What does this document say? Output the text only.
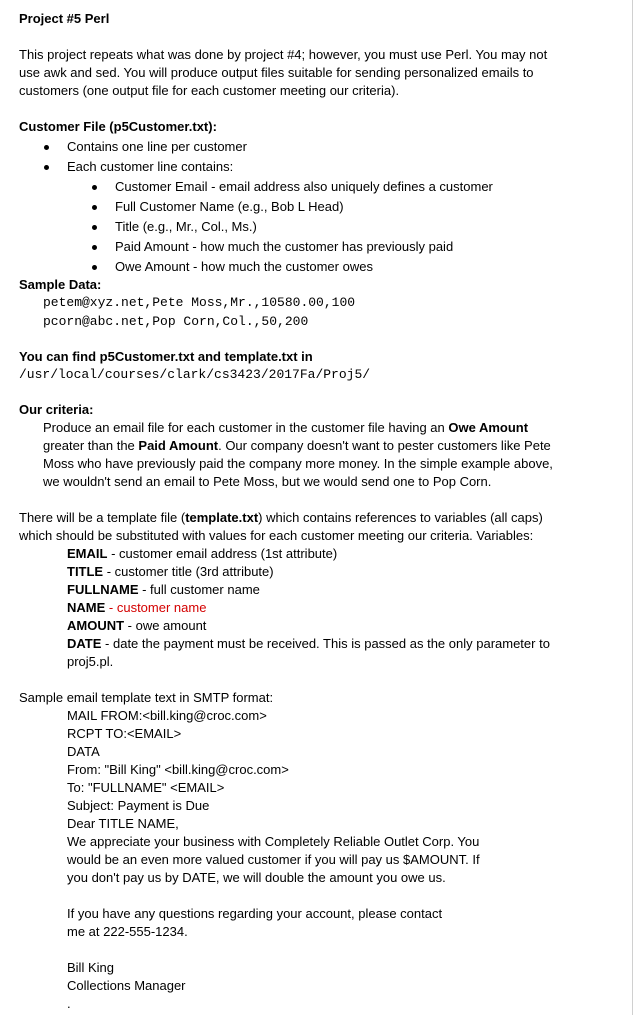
Project #5 Perl
This project repeats what was done by project #4; however, you must use Perl. You may not
use awk and sed. You will produce output files suitable for sending personalized emails to
customers (one output file for each customer meeting our criteria).
Customer File (p5Customer.txt):
Contains one line per customer
Each customer line contains:
Customer Email - email address also uniquely defines a customer
Full Customer Name (e.g., Bob L Head)
Title (e.g., Mr., Col., Ms.)
Paid Amount - how much the customer has previously paid
Owe Amount - how much the customer owes
Sample Data:
petem@xyz.net,Pete Moss,Mr.,10580.00,100
pcorn@abc.net,Pop Corn,Col.,50,200
You can find p5Customer.txt and template.txt in
/usr/local/courses/clark/cs3423/2017Fa/Proj5/
Our criteria:
Produce an email file for each customer in the customer file having an Owe Amount
greater than the Paid Amount. Our company doesn't want to pester customers like Pete
Moss who have previously paid the company more money. In the simple example above,
we wouldn't send an email to Pete Moss, but we would send one to Pop Corn.
There will be a template file (template.txt) which contains references to variables (all caps)
which should be substituted with values for each customer meeting our criteria. Variables:
EMAIL - customer email address (1st attribute)
TITLE - customer title (3rd attribute)
FULLNAME - full customer name
NAME - customer name
AMOUNT - owe amount
DATE - date the payment must be received. This is passed as the only parameter to
proj5.pl.
Sample email template text in SMTP format:
MAIL FROM:<bill.king@croc.com>
RCPT TO:<EMAIL>
DATA
From: "Bill King" <bill.king@croc.com>
To: "FULLNAME" <EMAIL>
Subject: Payment is Due
Dear TITLE NAME,
We appreciate your business with Completely Reliable Outlet Corp. You
would be an even more valued customer if you will pay us $AMOUNT. If
you don't pay us by DATE, we will double the amount you owe us.
If you have any questions regarding your account, please contact
me at 222-555-1234.
Bill King
Collections Manager
.
